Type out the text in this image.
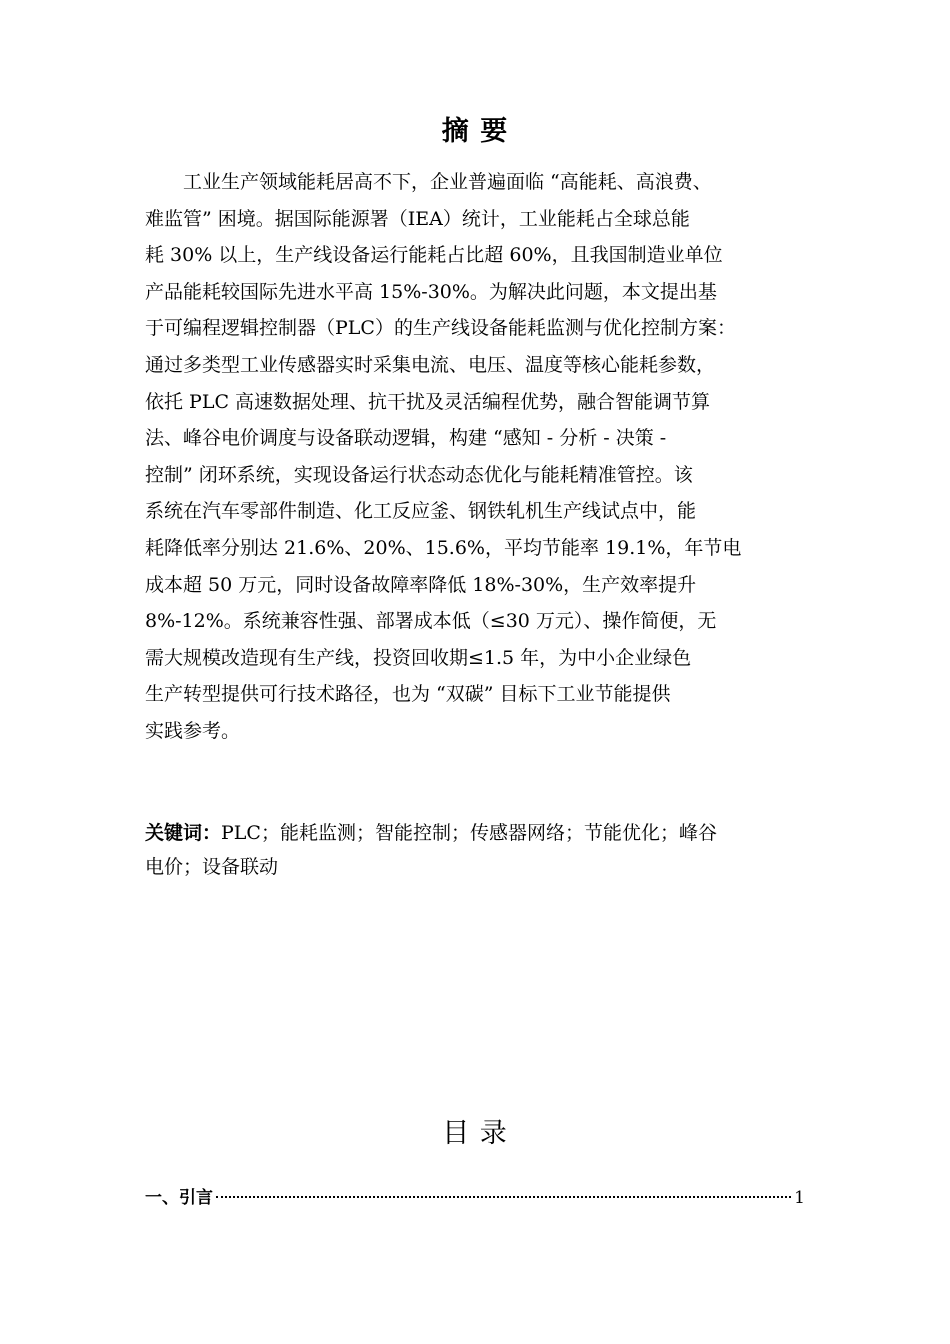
摘 要
　　工业生产领域能耗居高不下，企业普遍面临 “高能耗、高浪费、
难监管” 困境。据国际能源署（IEA）统计，工业能耗占全球总能
耗 30% 以上，生产线设备运行能耗占比超 60%，且我国制造业单位
产品能耗较国际先进水平高 15%-30%。为解决此问题，本文提出基
于可编程逻辑控制器（PLC）的生产线设备能耗监测与优化控制方案：
通过多类型工业传感器实时采集电流、电压、温度等核心能耗参数，
依托 PLC 高速数据处理、抗干扰及灵活编程优势，融合智能调节算
法、峰谷电价调度与设备联动逻辑，构建 “感知 - 分析 - 决策 -
控制” 闭环系统，实现设备运行状态动态优化与能耗精准管控。该
系统在汽车零部件制造、化工反应釜、钢铁轧机生产线试点中，能
耗降低率分别达 21.6%、20%、15.6%，平均节能率 19.1%，年节电
成本超 50 万元，同时设备故障率降低 18%-30%，生产效率提升
8%-12%。系统兼容性强、部署成本低（≤30 万元）、操作简便，无
需大规模改造现有生产线，投资回收期≤1.5 年，为中小企业绿色
生产转型提供可行技术路径，也为 “双碳” 目标下工业节能提供
实践参考。
关键词：PLC；能耗监测；智能控制；传感器网络；节能优化；峰谷
电价；设备联动
目 录
一、引言	1
